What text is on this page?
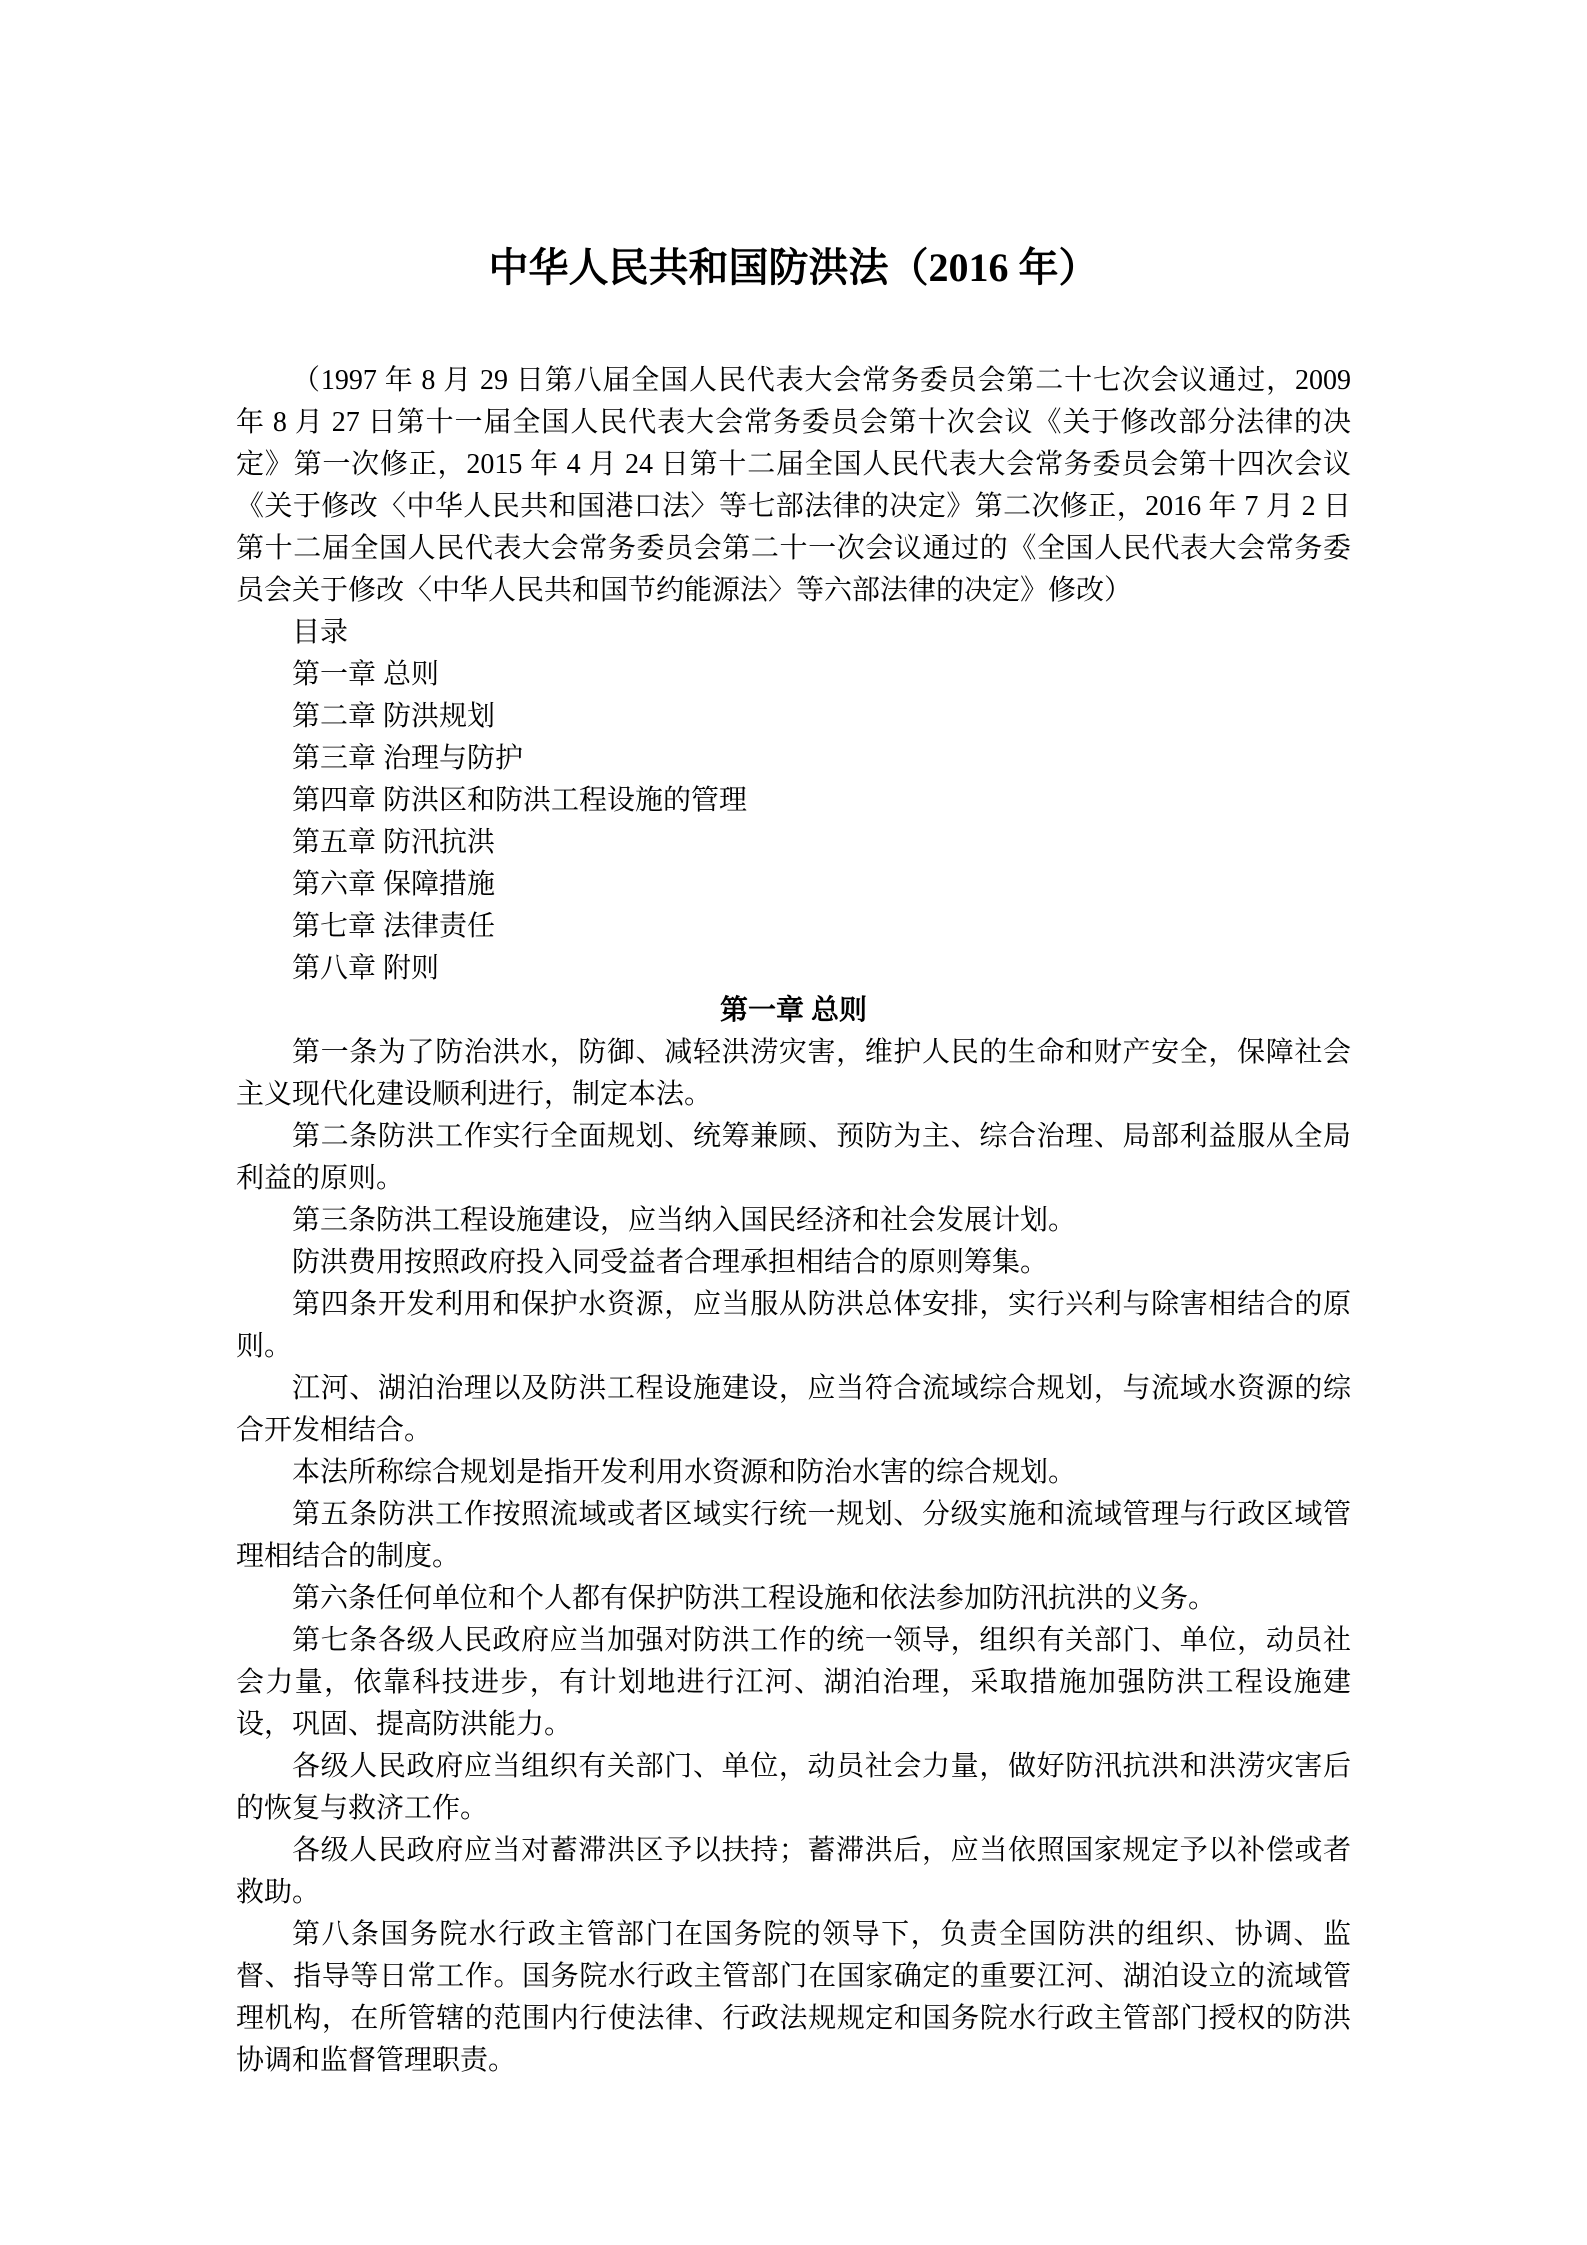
中华人民共和国防洪法（2016 年）

（1997 年 8 月 29 日第八届全国人民代表大会常务委员会第二十七次会议通过，2009 年 8 月 27 日第十一届全国人民代表大会常务委员会第十次会议《关于修改部分法律的决定》第一次修正，2015 年 4 月 24 日第十二届全国人民代表大会常务委员会第十四次会议《关于修改〈中华人民共和国港口法〉等七部法律的决定》第二次修正，2016 年 7 月 2 日第十二届全国人民代表大会常务委员会第二十一次会议通过的《全国人民代表大会常务委员会关于修改〈中华人民共和国节约能源法〉等六部法律的决定》修改）

目录

第一章 总则

第二章 防洪规划

第三章 治理与防护

第四章 防洪区和防洪工程设施的管理

第五章 防汛抗洪

第六章 保障措施

第七章 法律责任

第八章 附则

第一章 总则

第一条为了防治洪水，防御、减轻洪涝灾害，维护人民的生命和财产安全，保障社会主义现代化建设顺利进行，制定本法。

第二条防洪工作实行全面规划、统筹兼顾、预防为主、综合治理、局部利益服从全局利益的原则。

第三条防洪工程设施建设，应当纳入国民经济和社会发展计划。

防洪费用按照政府投入同受益者合理承担相结合的原则筹集。

第四条开发利用和保护水资源，应当服从防洪总体安排，实行兴利与除害相结合的原则。

江河、湖泊治理以及防洪工程设施建设，应当符合流域综合规划，与流域水资源的综合开发相结合。

本法所称综合规划是指开发利用水资源和防治水害的综合规划。

第五条防洪工作按照流域或者区域实行统一规划、分级实施和流域管理与行政区域管理相结合的制度。

第六条任何单位和个人都有保护防洪工程设施和依法参加防汛抗洪的义务。

第七条各级人民政府应当加强对防洪工作的统一领导，组织有关部门、单位，动员社会力量，依靠科技进步，有计划地进行江河、湖泊治理，采取措施加强防洪工程设施建设，巩固、提高防洪能力。

各级人民政府应当组织有关部门、单位，动员社会力量，做好防汛抗洪和洪涝灾害后的恢复与救济工作。

各级人民政府应当对蓄滞洪区予以扶持；蓄滞洪后，应当依照国家规定予以补偿或者救助。

第八条国务院水行政主管部门在国务院的领导下，负责全国防洪的组织、协调、监督、指导等日常工作。国务院水行政主管部门在国家确定的重要江河、湖泊设立的流域管理机构，在所管辖的范围内行使法律、行政法规规定和国务院水行政主管部门授权的防洪协调和监督管理职责。
